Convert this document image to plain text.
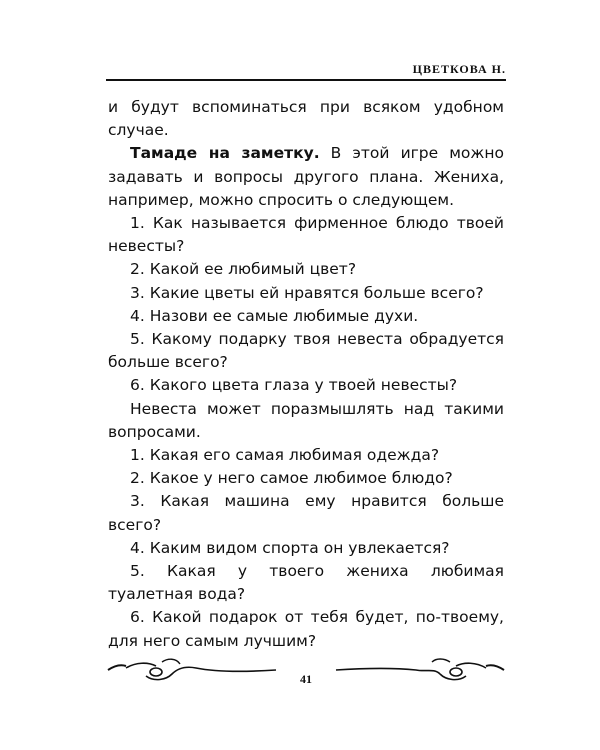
ЦВЕТКОВА Н.

и будут вспоминаться при всяком удобном случае.

Тамаде на заметку. В этой игре можно задавать и вопросы другого плана. Жениха, например, можно спросить о следующем.

1. Как называется фирменное блюдо твоей невесты?

2. Какой ее любимый цвет?

3. Какие цветы ей нравятся больше всего?

4. Назови ее самые любимые духи.

5. Какому подарку твоя невеста обрадуется больше всего?

6. Какого цвета глаза у твоей невесты?

Невеста может поразмышлять над такими вопросами.

1. Какая его самая любимая одежда?

2. Какое у него самое любимое блюдо?

3. Какая машина ему нравится больше всего?

4. Каким видом спорта он увлекается?

5. Какая у твоего жениха любимая туалетная вода?

6. Какой подарок от тебя будет, по-твоему, для него самым лучшим?

41
